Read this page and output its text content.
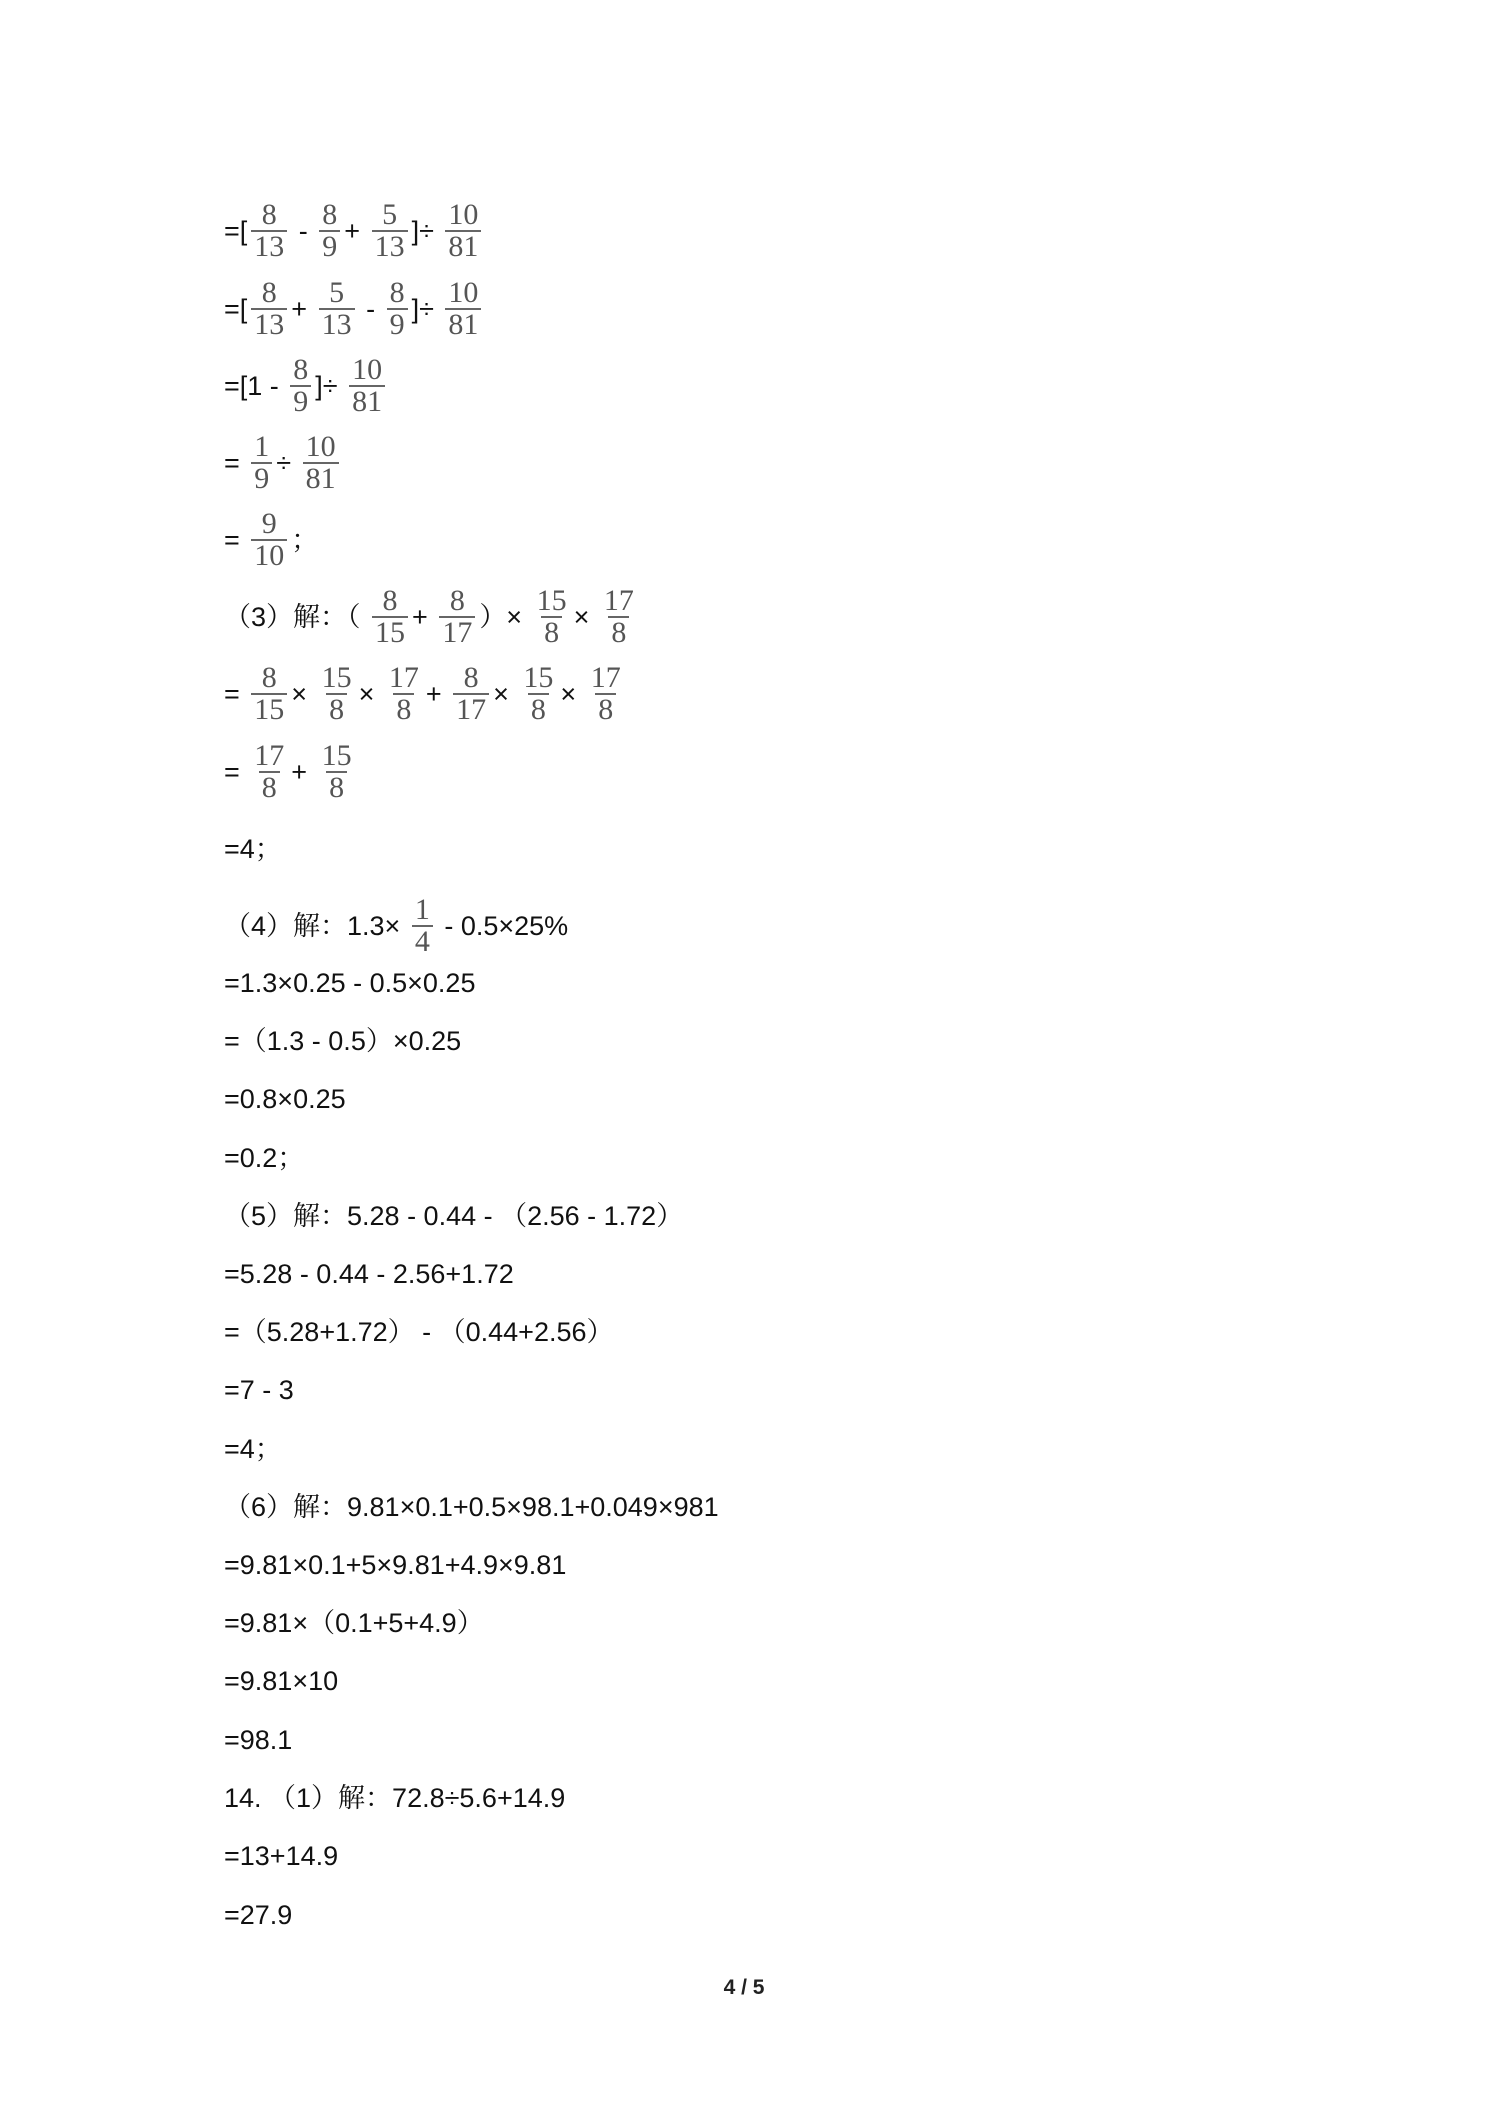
=[ $\frac{8}{13} - \frac{8}{9} + \frac{5}{13}$ ]÷ $\frac{10}{81}$
=[ $\frac{8}{13} + \frac{5}{13} - \frac{8}{9}$ ]÷ $\frac{10}{81}$
$=[1 - \frac{8}{9}$ ]÷ $\frac{10}{81}$
= $\frac{1}{9} \div \frac{10}{81}$
= $\frac{9}{10}$ ；
（3）解：（ $\frac{8}{15} + \frac{8}{17}$ ）× $\frac{15}{8} \times \frac{17}{8}$
= $\frac{8}{15} \times \frac{15}{8} \times \frac{17}{8} + \frac{8}{17} \times \frac{15}{8} \times \frac{17}{8}$
= $\frac{17}{8} + \frac{15}{8}$
=4；
（4）解：$1.3\times \frac{1}{4} - 0.5\times 25\%$
=1.3×0.25 - 0.5×0.25
=（1.3 - 0.5）×0.25
=0.8×0.25
=0.2；
（5）解：5.28 - 0.44 - （2.56 - 1.72）
=5.28 - 0.44 - 2.56+1.72
=（5.28+1.72） - （0.44+2.56）
=7 - 3
=4；
（6）解：9.81×0.1+0.5×98.1+0.049×981
=9.81×0.1+5×9.81+4.9×9.81
=9.81×（0.1+5+4.9）
=9.81×10
=98.1
14. （1）解：72.8÷5.6+14.9
=13+14.9
=27.9
4 / 5
